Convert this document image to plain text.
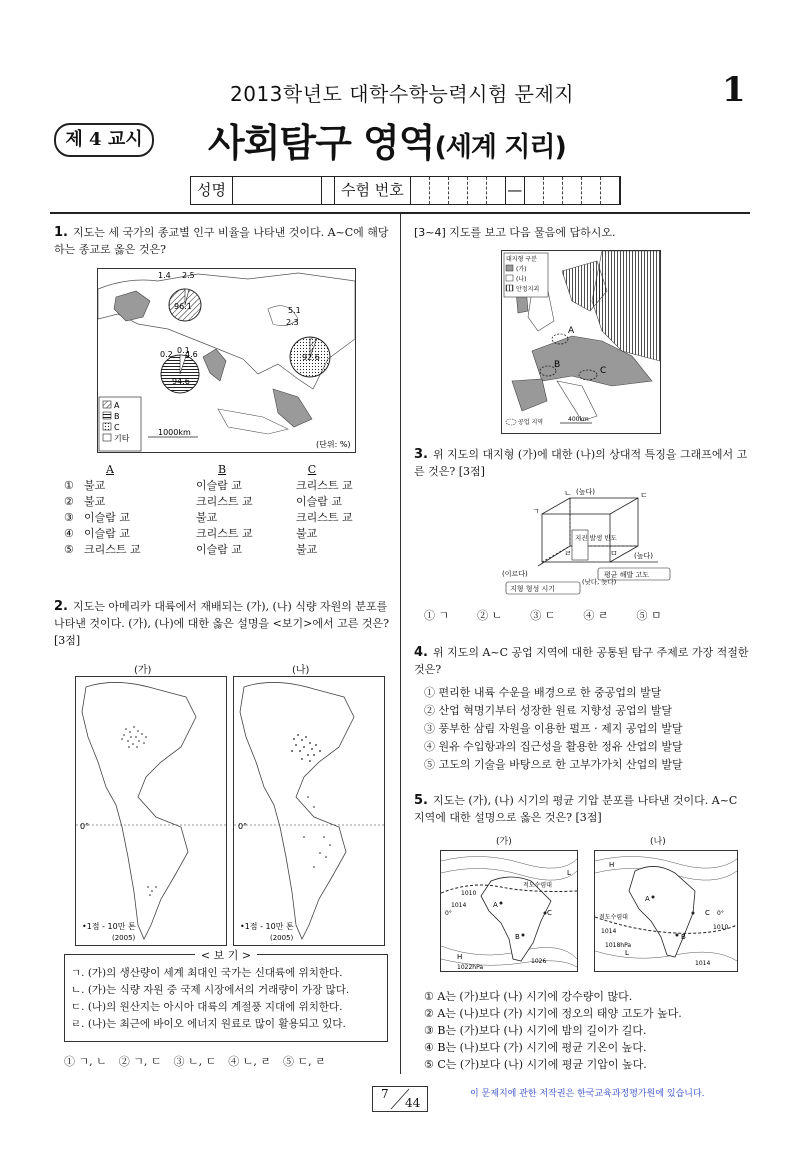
2013학년도 대학수학능력시험 문제지	1
제 4 교시 사회탐구 영역(세계 지리)
성명	수험 번호	—
1. 지도는 세 국가의 종교별 인구 비율을 나타낸 것이다. A~C에 해당하는 종교로 옳은 것은?
1.4 2.5
96.1
2.3
5.1
92.6
0.1
4.6
0.2
94.6
A
B
C
기타
1000km
(단위: %)
A	B	C
① 불교	이슬람 교	크리스트 교
② 불교	크리스트 교	이슬람 교
③ 이슬람 교	불교	크리스트 교
④ 이슬람 교	크리스트 교	불교
⑤ 크리스트 교	이슬람 교	불교
2. 지도는 아메리카 대륙에서 재배되는 (가), (나) 식량 자원의 분포를 나타낸 것이다. (가), (나)에 대한 옳은 설명을 <보기>에서 고른 것은? [3점]
(가)	(나)
0°
•1점 - 10만 톤
(2005)
0°
•1점 - 10만 톤
(2005)
< 보 기 >
ㄱ. (가)의 생산량이 세계 최대인 국가는 신대륙에 위치한다.
ㄴ. (가)는 식량 자원 중 국제 시장에서의 거래량이 가장 많다.
ㄷ. (나)의 원산지는 아시아 대륙의 계절풍 지대에 위치한다.
ㄹ. (나)는 최근에 바이오 에너지 원료로 많이 활용되고 있다.
① ㄱ, ㄴ ② ㄱ, ㄷ ③ ㄴ, ㄷ ④ ㄴ, ㄹ ⑤ ㄷ, ㄹ
[3~4] 지도를 보고 다음 물음에 답하시오.
A
B
C
대지형 구분
(가)
(나)
안정지괴
공업 지역	400km
3. 위 지도의 대지형 (가)에 대한 (나)의 상대적 특징을 그래프에서 고른 것은? [3점]
지진 발생 빈도
(높다)
(높다)
(이르다)	평균 해발 고도
지형 형성 시기
(낮다, 늦다)
ㄱ
ㄴ	ㄷ
ㄹ	ㅁ
① ㄱ	② ㄴ	③ ㄷ	④ ㄹ	⑤ ㅁ
4. 위 지도의 A~C 공업 지역에 대한 공통된 탐구 주제로 가장 적절한 것은?
① 편리한 내륙 수운을 배경으로 한 중공업의 발달
② 산업 혁명기부터 성장한 원료 지향성 공업의 발달
③ 풍부한 삼림 자원을 이용한 펄프 · 제지 공업의 발달
④ 원유 수입항과의 집근성을 활용한 정유 산업의 발달
⑤ 고도의 기술을 바탕으로 한 고부가가치 산업의 발달
5. 지도는 (가), (나) 시기의 평균 기압 분포를 나타낸 것이다. A~C 지역에 대한 설명으로 옳은 것은? [3점]
(가)	(나)
적도수렴대
1010
1014
1026
1022hPa
H
L
0°
A
C
B
적도수렴대
1014
1018hPa
1010
1014
H
L
0°
A
C
B
① A는 (가)보다 (나) 시기에 강수량이 많다.
② A는 (나)보다 (가) 시기에 정오의 태양 고도가 높다.
③ B는 (가)보다 (나) 시기에 밤의 길이가 길다.
④ B는 (나)보다 (가) 시기에 평균 기온이 높다.
⑤ C는 (가)보다 (나) 시기에 평균 기압이 높다.
7
44
이 문제지에 관한 저작권은 한국교육과정평가원에 있습니다.
